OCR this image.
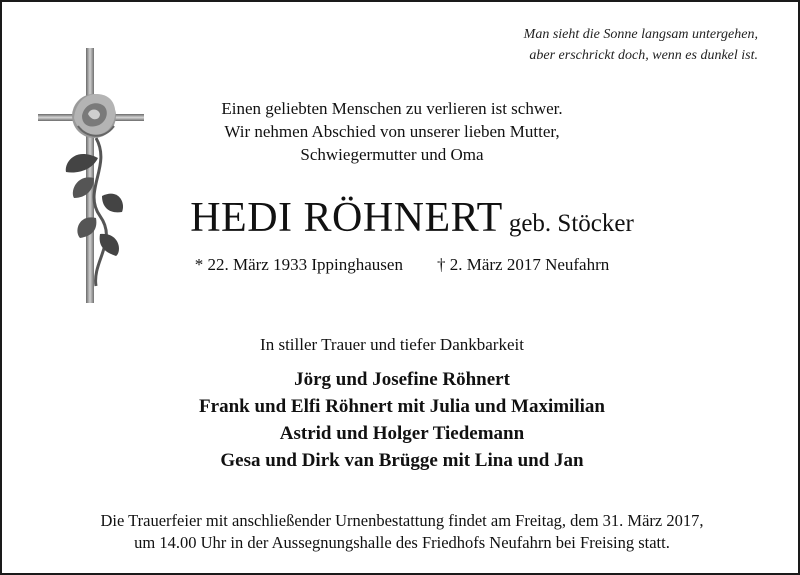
Man sieht die Sonne langsam untergehen,
aber erschrickt doch, wenn es dunkel ist.
Einen geliebten Menschen zu verlieren ist schwer.
Wir nehmen Abschied von unserer lieben Mutter,
Schwiegermutter und Oma
HEDI RÖHNERT geb. Stöcker
* 22. März 1933 Ippinghausen † 2. März 2017 Neufahrn
In stiller Trauer und tiefer Dankbarkeit
Jörg und Josefine Röhnert
Frank und Elfi Röhnert mit Julia und Maximilian
Astrid und Holger Tiedemann
Gesa und Dirk van Brügge mit Lina und Jan
Die Trauerfeier mit anschließender Urnenbestattung findet am Freitag, dem 31. März 2017,
um 14.00 Uhr in der Aussegnungshalle des Friedhofs Neufahrn bei Freising statt.
